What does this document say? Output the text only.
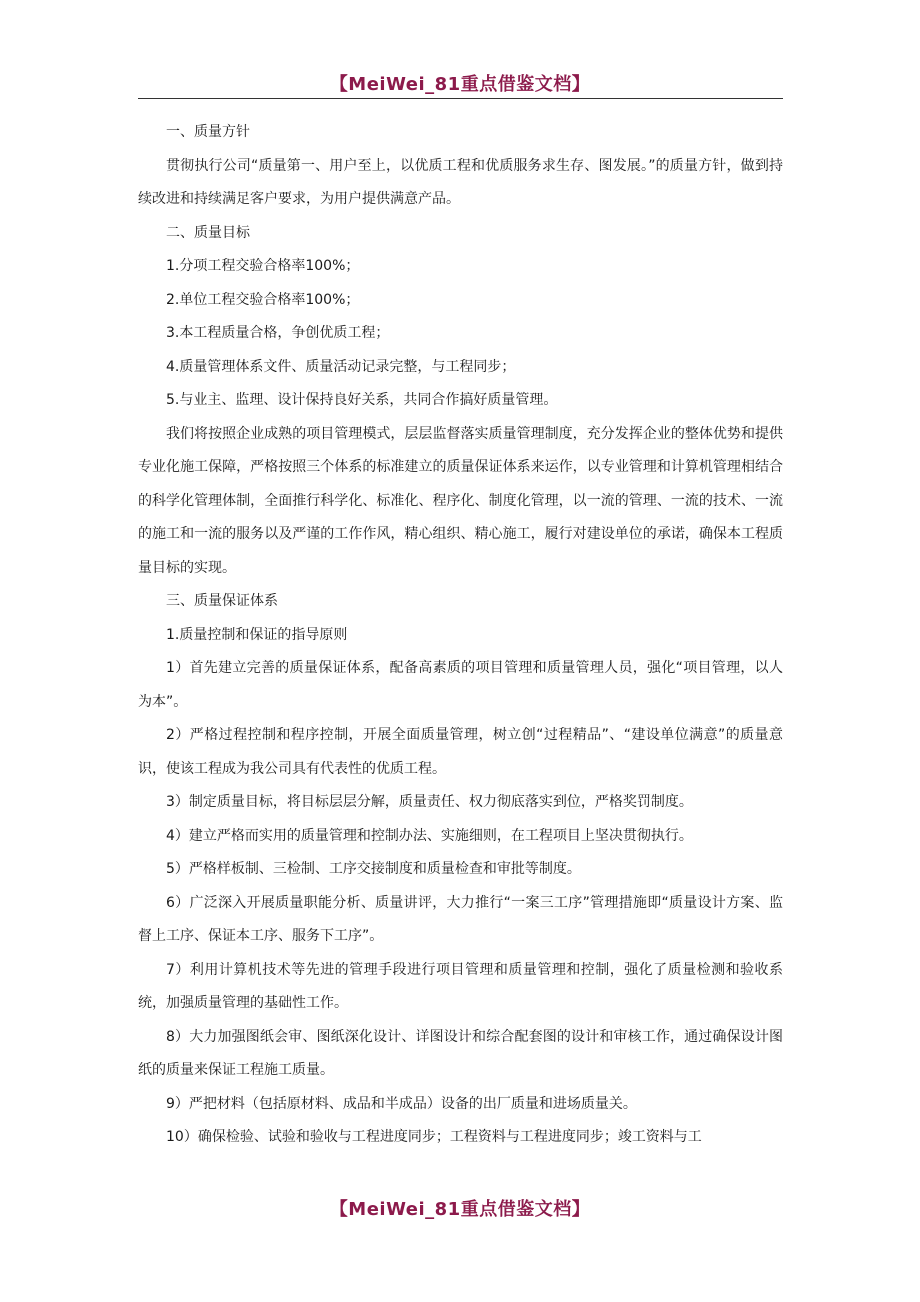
【MeiWei_81重点借鉴文档】

一、质量方针

贯彻执行公司“质量第一、用户至上，以优质工程和优质服务求生存、图发展。”的质量方针，做到持续改进和持续满足客户要求，为用户提供满意产品。

二、质量目标

1.分项工程交验合格率100%；

2.单位工程交验合格率100%；

3.本工程质量合格，争创优质工程；

4.质量管理体系文件、质量活动记录完整，与工程同步；

5.与业主、监理、设计保持良好关系，共同合作搞好质量管理。

我们将按照企业成熟的项目管理模式，层层监督落实质量管理制度，充分发挥企业的整体优势和提供专业化施工保障，严格按照三个体系的标准建立的质量保证体系来运作，以专业管理和计算机管理相结合的科学化管理体制，全面推行科学化、标准化、程序化、制度化管理，以一流的管理、一流的技术、一流的施工和一流的服务以及严谨的工作作风，精心组织、精心施工，履行对建设单位的承诺，确保本工程质量目标的实现。

三、质量保证体系

1.质量控制和保证的指导原则

1）首先建立完善的质量保证体系，配备高素质的项目管理和质量管理人员，强化“项目管理，以人为本”。

2）严格过程控制和程序控制，开展全面质量管理，树立创“过程精品”、“建设单位满意”的质量意识，使该工程成为我公司具有代表性的优质工程。

3）制定质量目标，将目标层层分解，质量责任、权力彻底落实到位，严格奖罚制度。

4）建立严格而实用的质量管理和控制办法、实施细则，在工程项目上坚决贯彻执行。

5）严格样板制、三检制、工序交接制度和质量检查和审批等制度。

6）广泛深入开展质量职能分析、质量讲评，大力推行“一案三工序”管理措施即“质量设计方案、监督上工序、保证本工序、服务下工序”。

7）利用计算机技术等先进的管理手段进行项目管理和质量管理和控制，强化了质量检测和验收系统，加强质量管理的基础性工作。

8）大力加强图纸会审、图纸深化设计、详图设计和综合配套图的设计和审核工作，通过确保设计图纸的质量来保证工程施工质量。

9）严把材料（包括原材料、成品和半成品）设备的出厂质量和进场质量关。

10）确保检验、试验和验收与工程进度同步；工程资料与工程进度同步；竣工资料与工

【MeiWei_81重点借鉴文档】
